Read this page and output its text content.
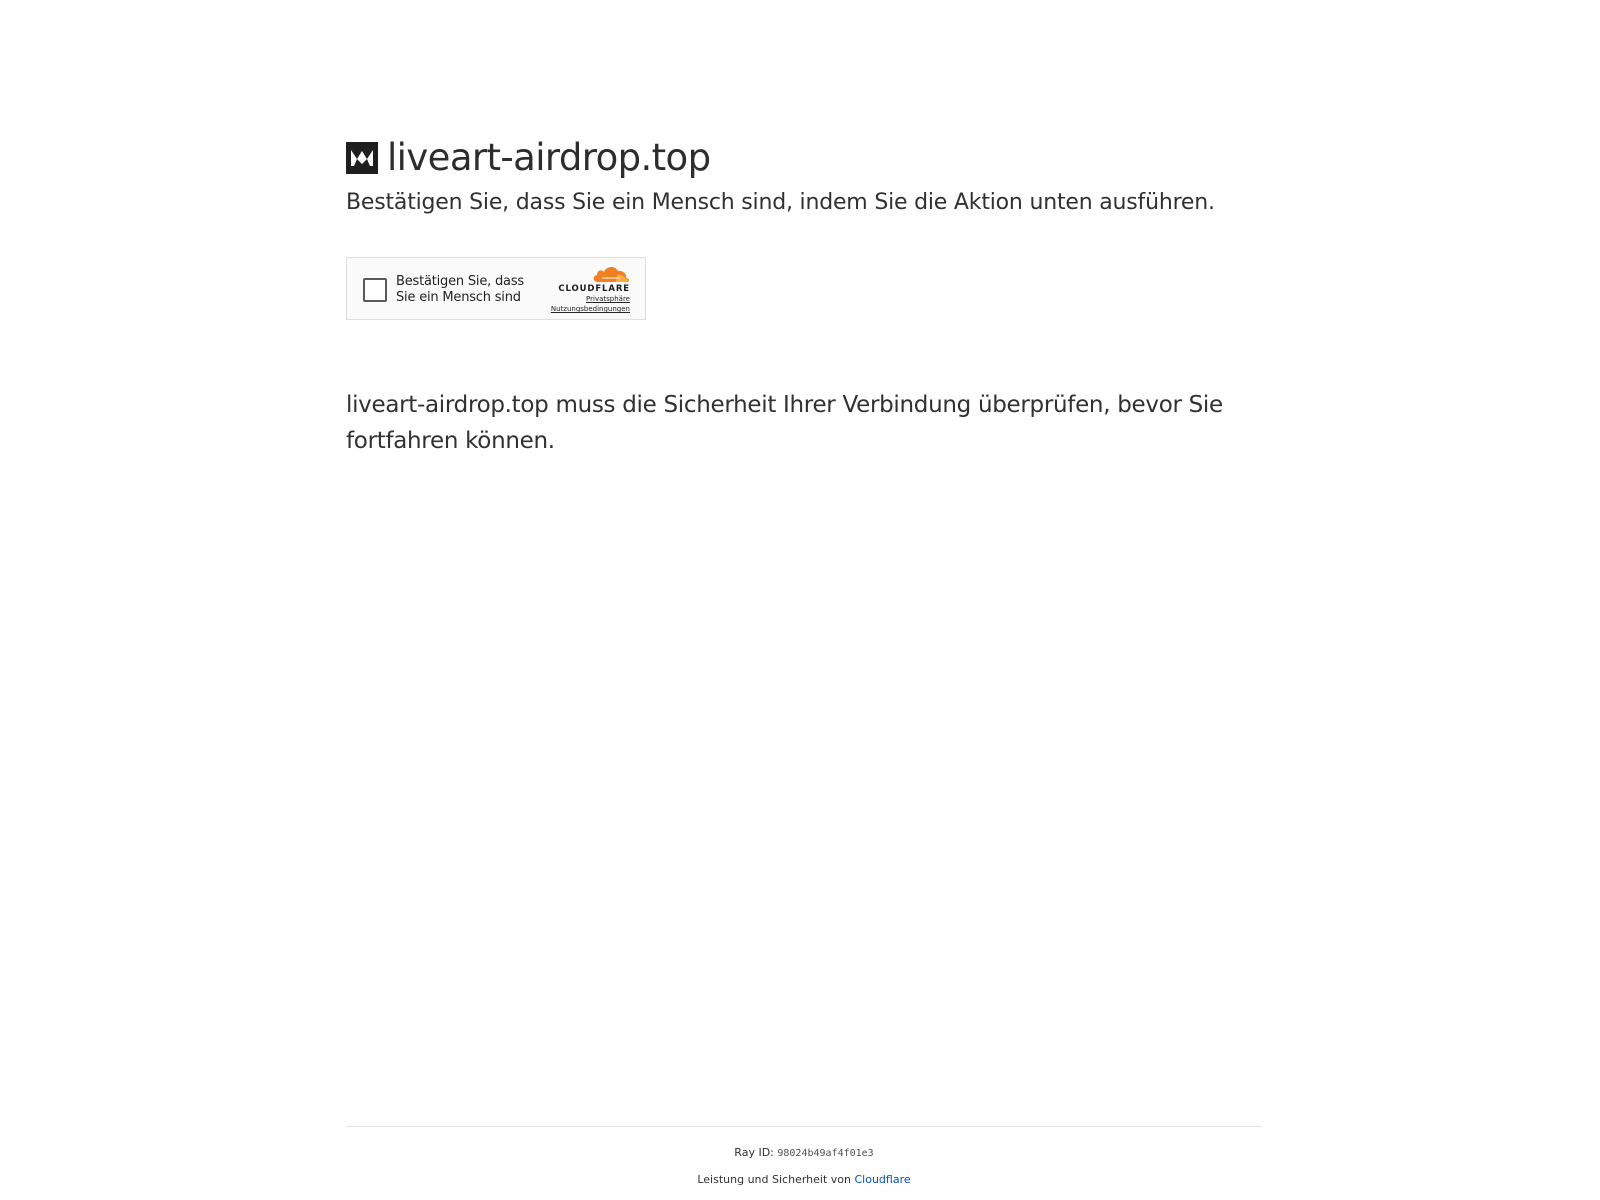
liveart-airdrop.top
Bestätigen Sie, dass Sie ein Mensch sind, indem Sie die Aktion unten ausführen.
Bestätigen Sie, dass
Sie ein Mensch sind
CLOUDFLARE
Privatsphäre
Nutzungsbedingungen
liveart-airdrop.top muss die Sicherheit Ihrer Verbindung überprüfen, bevor Sie fortfahren können.
Ray ID: 98024b49af4f01e3
Leistung und Sicherheit von Cloudflare
